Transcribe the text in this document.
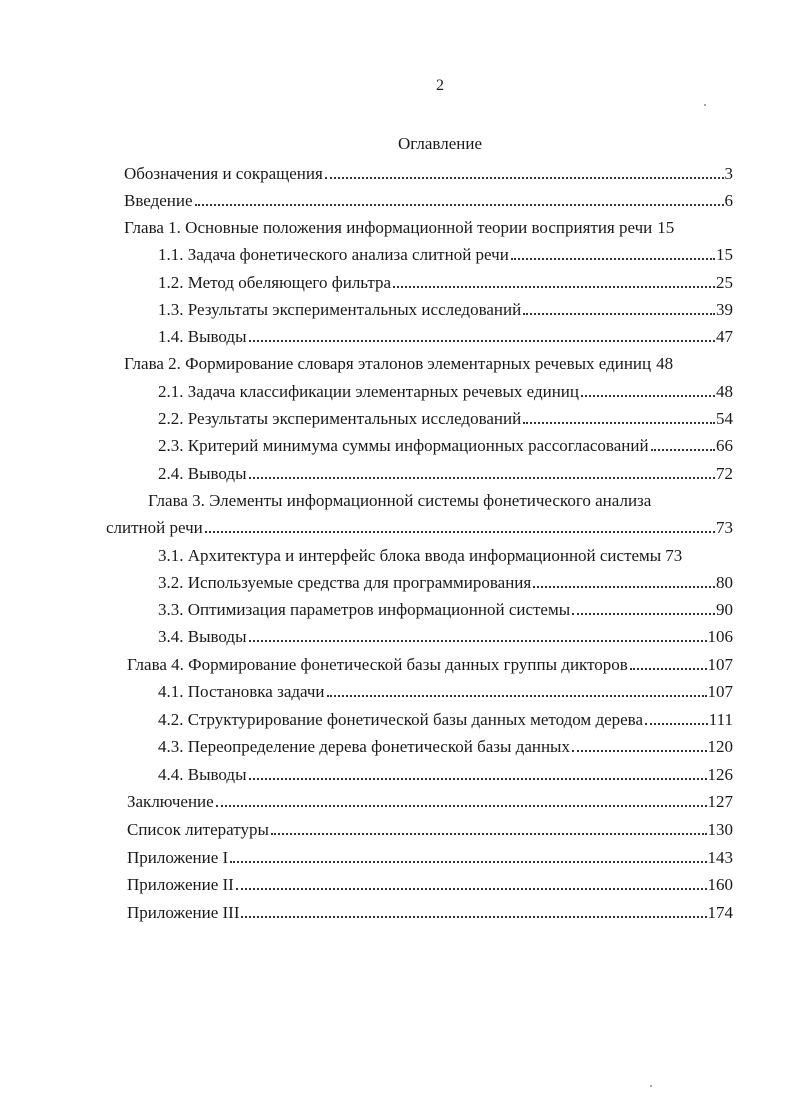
2
Оглавление
Обозначения и сокращения	3
Введение	6
Глава 1. Основные положения информационной теории восприятия речи 15
1.1. Задача фонетического анализа слитной речи	15
1.2. Метод обеляющего фильтра	25
1.3. Результаты экспериментальных исследований	39
1.4. Выводы	47
Глава 2. Формирование словаря эталонов элементарных речевых единиц 48
2.1. Задача классификации элементарных речевых единиц	48
2.2. Результаты экспериментальных исследований	54
2.3. Критерий минимума суммы информационных рассогласований	66
2.4. Выводы	72
Глава 3. Элементы информационной системы фонетического анализа
слитной речи	73
3.1. Архитектура и интерфейс блока ввода информационной системы 73
3.2. Используемые средства для программирования	80
3.3. Оптимизация параметров информационной системы	90
3.4. Выводы	106
Глава 4. Формирование фонетической базы данных группы дикторов	107
4.1. Постановка задачи	107
4.2. Структурирование фонетической базы данных методом дерева	111
4.3. Переопределение дерева фонетической базы данных	120
4.4. Выводы	126
Заключение	127
Список литературы	130
Приложение I	143
Приложение II	160
Приложение III	174
